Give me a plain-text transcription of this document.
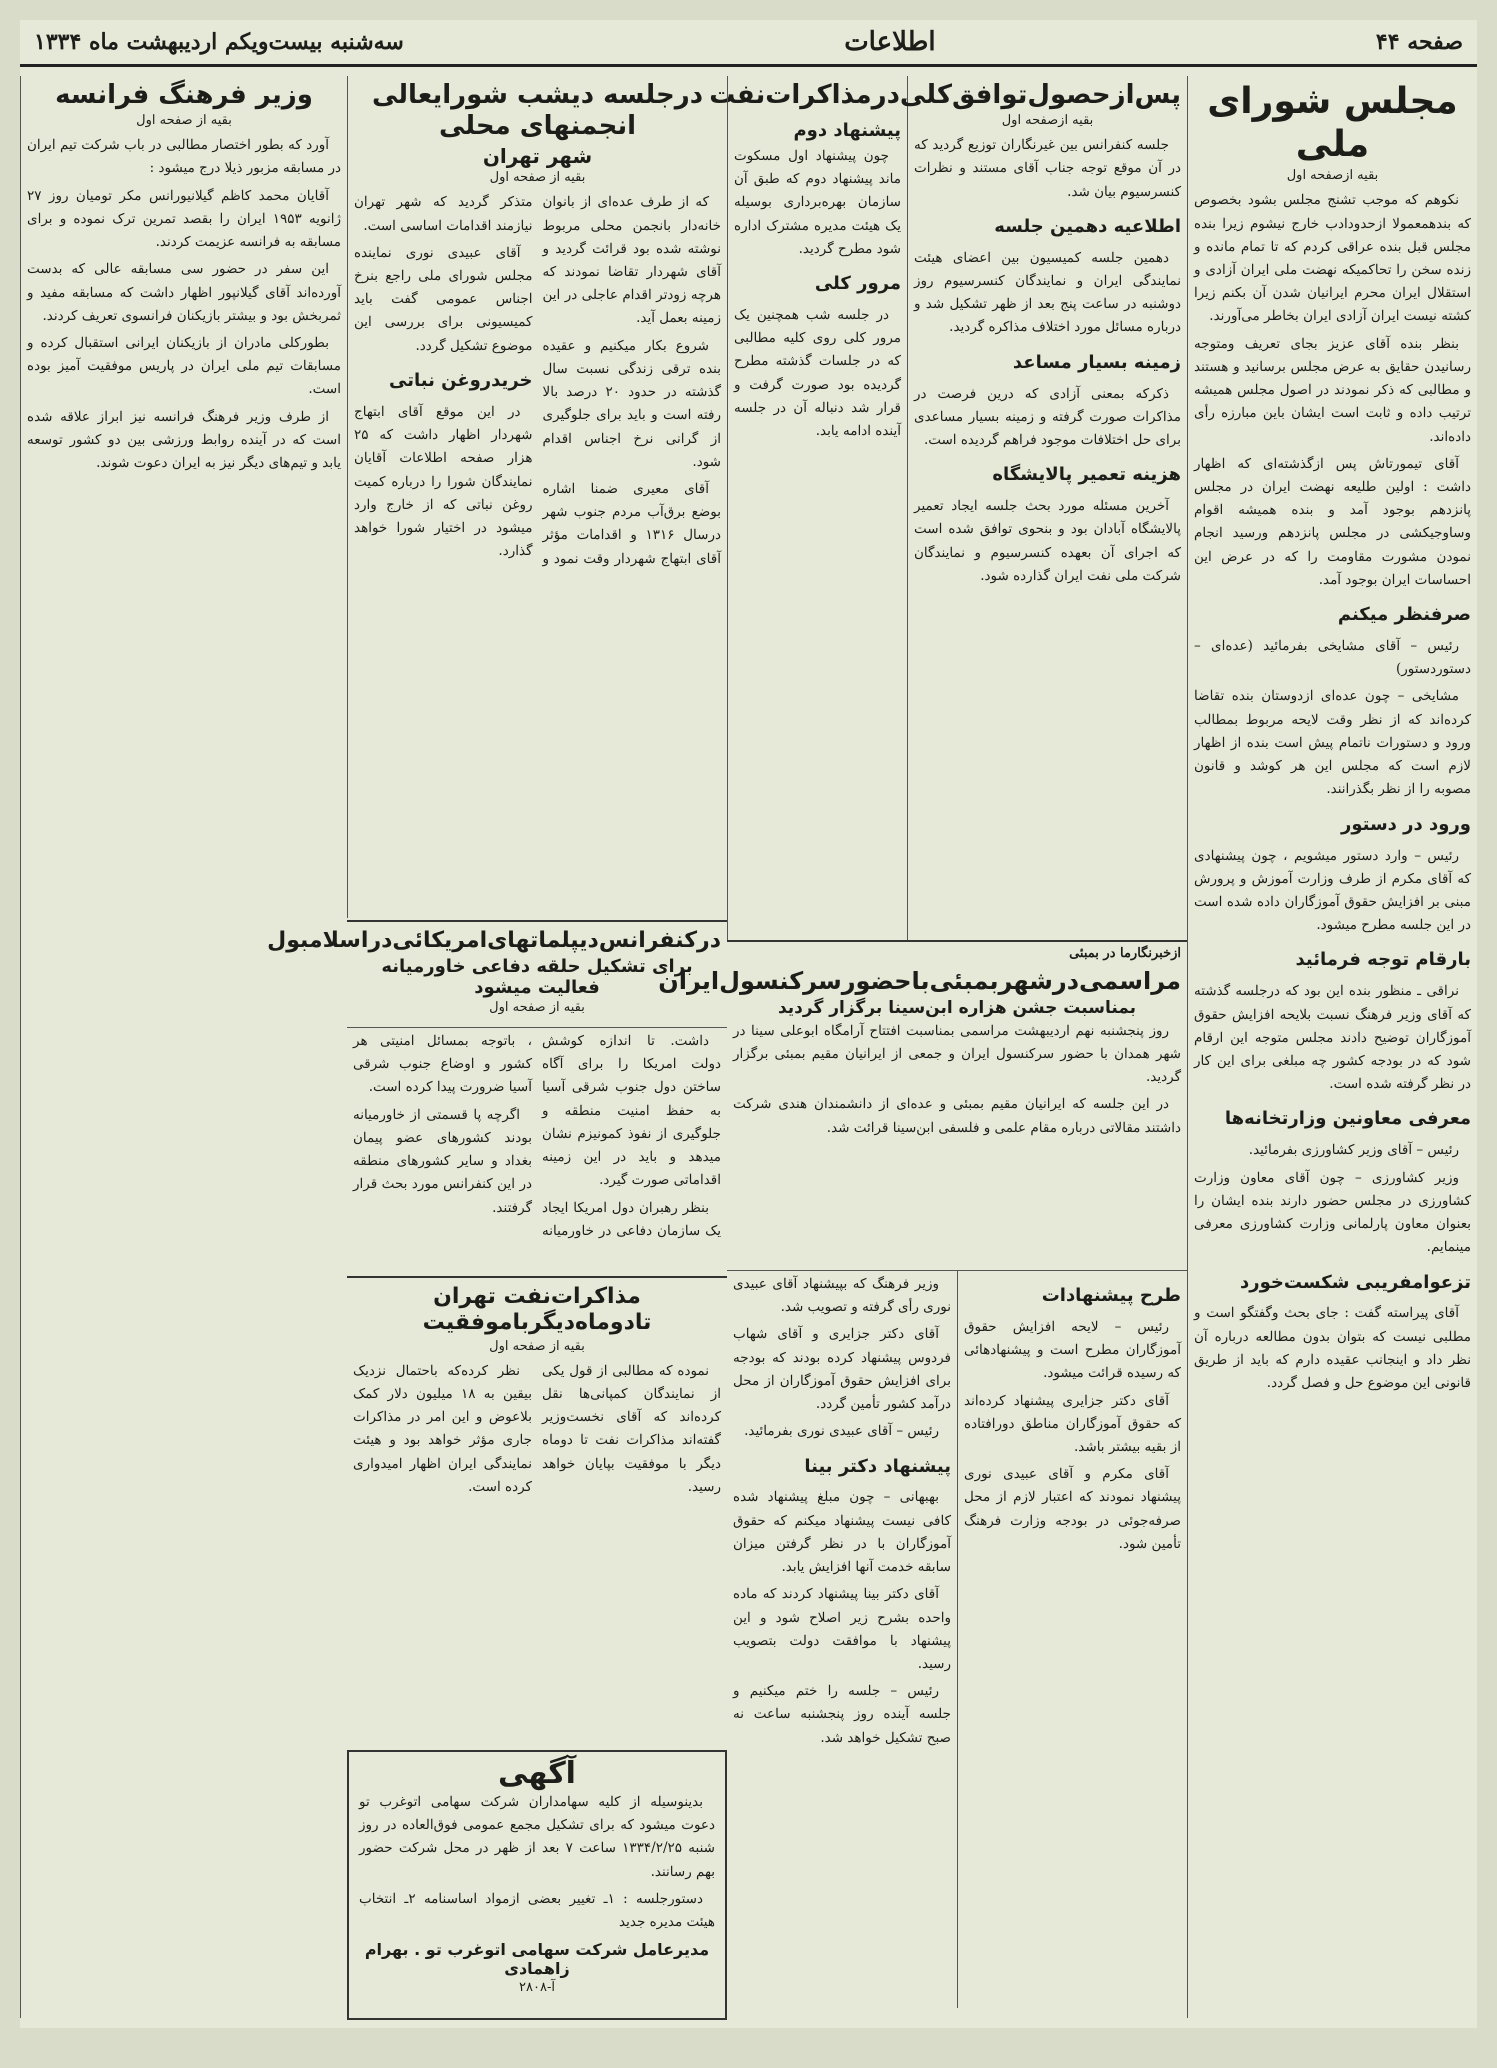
صفحه ۴۴
اطلاعات
سه‌شنبه بیست‌ویکم اردیبهشت ماه ۱۳۳۴
مجلس شورای ملی
بقیه ازصفحه اول

نکوهم که موجب تشنج مجلس بشود بخصوص که بندهمعمولا ازحدودادب خارج نیشوم زیرا بنده مجلس قبل بنده عراقی کردم که تا تمام مانده و زنده سخن را تحاکمیکه نهضت ملی ایران آزادی و استقلال ایران محرم ایرانیان شدن آن بکنم زیرا کشته نیست ایران آزادی ایران بخاطر می‌آورند.

بنظر بنده آقای عزیز بجای تعریف ومتوجه رسانیدن حقایق به عرض مجلس برسانید و هستند و مطالبی که ذکر نمودند در اصول مجلس همیشه ترتیب داده و ثابت است ایشان باین مبارزه رأی داده‌اند.

آقای تیمورتاش پس ازگذشته‌ای که اظهار داشت : اولین طلیعه نهضت ایران در مجلس پانزدهم بوجود آمد و بنده همیشه اقوام وساوجیکشی در مجلس پانزدهم ورسید انجام نمودن مشورت مقاومت را که در عرض این احساسات ایران بوجود آمد.

صرفنظر میکنم

رئیس – آقای مشایخی بفرمائید (عده‌ای – دستوردستور)

مشایخی – چون عده‌ای ازدوستان بنده تقاضا کرده‌اند که از نظر وقت لایحه مربوط بمطالب ورود و دستورات ناتمام پیش است بنده از اظهار لازم است که مجلس این هر کوشد و قانون مصوبه را از نظر بگذرانند.

ورود در دستور

رئیس – وارد دستور میشویم ، چون پیشنهادی که آقای مکرم از طرف وزارت آموزش و پرورش مبنی بر افزایش حقوق آموزگاران داده شده است در این جلسه مطرح میشود.

بارقام توجه فرمائید

نراقی ـ منظور بنده این بود که درجلسه گذشته که آقای وزیر فرهنگ نسبت بلایحه افزایش حقوق آموزگاران توضیح دادند مجلس متوجه این ارقام شود که در بودجه کشور چه مبلغی برای این کار در نظر گرفته شده است.

معرفی معاونین وزارتخانه‌ها

رئیس – آقای وزیر کشاورزی بفرمائید.

وزیر کشاورزی – چون آقای معاون وزارت کشاورزی در مجلس حضور دارند بنده ایشان را بعنوان معاون پارلمانی وزارت کشاورزی معرفی مینمایم.

تزعوامفریبی شکست‌خورد

آقای پیراسته گفت : جای بحث وگفتگو است و مطلبی نیست که بتوان بدون مطالعه درباره آن نظر داد و اینجانب عقیده دارم که باید از طریق قانونی این موضوع حل و فصل گردد.

پس‌ازحصول‌توافق‌کلی‌درمذاکرات‌نفت
بقیه ازصفحه اول

جلسه کنفرانس بین غیرنگاران توزیع گردید که در آن موقع توجه جناب آقای مستند و نظرات کنسرسیوم بیان شد.

اطلاعیه دهمین جلسه

دهمین جلسه کمیسیون بین اعضای هیئت نمایندگی ایران و نمایندگان کنسرسیوم روز دوشنبه در ساعت پنج بعد از ظهر تشکیل شد و درباره مسائل مورد اختلاف مذاکره گردید.

زمینه بسیار مساعد

ذکرکه بمعنی آزادی که درین فرصت در مذاکرات صورت گرفته و زمینه بسیار مساعدی برای حل اختلافات موجود فراهم گردیده است.

هزینه تعمیر پالایشگاه

آخرین مسئله مورد بحث جلسه ایجاد تعمیر پالایشگاه آبادان بود و بنحوی توافق شده است که اجرای آن بعهده کنسرسیوم و نمایندگان شرکت ملی نفت ایران گذارده شود.

پیشنهاد دوم

چون پیشنهاد اول مسکوت ماند پیشنهاد دوم که طبق آن سازمان بهره‌برداری بوسیله یک هیئت مدیره مشترک اداره شود مطرح گردید.

مرور کلی

در جلسه شب همچنین یک مرور کلی روی کلیه مطالبی که در جلسات گذشته مطرح گردیده بود صورت گرفت و قرار شد دنباله آن در جلسه آینده ادامه یابد.

درجلسه دیشب شورایعالی انجمنهای محلی
شهر تهران
بقیه از صفحه اول

که از طرف عده‌ای از بانوان خانه‌دار بانجمن محلی مربوط نوشته شده بود قرائت گردید و آقای شهردار تقاضا نمودند که هرچه زودتر اقدام عاجلی در این زمینه بعمل آید.

شروع بکار میکنیم و عقیده بنده ترقی زندگی نسبت سال گذشته در حدود ۲۰ درصد بالا رفته است و باید برای جلوگیری از گرانی نرخ اجناس اقدام شود.

آقای معیری ضمنا اشاره بوضع برق‌آب مردم جنوب شهر درسال ۱۳۱۶ و اقدامات مؤثر آقای ابتهاج شهردار وقت نمود و متذکر گردید که شهر تهران نیازمند اقدامات اساسی است.

آقای عبیدی نوری نماینده مجلس شورای ملی راجع بنرخ اجناس عمومی گفت باید کمیسیونی برای بررسی این موضوع تشکیل گردد.

خریدروغن نباتی

در این موقع آقای ابتهاج شهردار اظهار داشت که ۲۵ هزار صفحه اطلاعات آقایان نمایندگان شورا را درباره کمیت روغن نباتی که از خارج وارد میشود در اختیار شورا خواهد گذارد.

وزیر فرهنگ فرانسه
بقیه از صفحه اول

آورد که بطور اختصار مطالبی در باب شرکت تیم ایران در مسابقه مزبور ذیلا درج میشود :

آقایان محمد کاظم گیلانیورانس مکر تومیان روز ۲۷ ژانویه ۱۹۵۳ ایران را بقصد تمرین ترک نموده و برای مسابقه به فرانسه عزیمت کردند.

این سفر در حضور سی مسابقه عالی که بدست آورده‌اند آقای گیلانپور اظهار داشت که مسابقه مفید و ثمربخش بود و بیشتر بازیکنان فرانسوی تعریف کردند.

بطورکلی مادران از بازیکنان ایرانی استقبال کرده و مسابقات تیم ملی ایران در پاریس موفقیت آمیز بوده است.

از طرف وزیر فرهنگ فرانسه نیز ابراز علاقه شده است که در آینده روابط ورزشی بین دو کشور توسعه یابد و تیم‌های دیگر نیز به ایران دعوت شوند.

درکنفرانس‌دیپلماتهای‌امریکائی‌دراسلامبول
برای تشکیل حلقه دفاعی خاورمیانه فعالیت میشود
بقیه از صفحه اول

داشت. تا اندازه کوشش دولت امریکا را برای آگاه ساختن دول جنوب شرقی آسیا به حفظ امنیت منطقه و جلوگیری از نفوذ کمونیزم نشان میدهد و باید در این زمینه اقداماتی صورت گیرد.

بنظر رهبران دول امریکا ایجاد یک سازمان دفاعی در خاورمیانه ، باتوجه بمسائل امنیتی هر کشور و اوضاع جنوب شرقی آسیا ضرورت پیدا کرده است.

اگرچه پا قسمتی از خاورمیانه بودند کشورهای عضو پیمان بغداد و سایر کشورهای منطقه در این کنفرانس مورد بحث قرار گرفتند.

مذاکرات‌نفت تهران تادوماه‌دیگربا‌موفقیت
بقیه از صفحه اول

نموده که مطالبی از قول یکی از نمایندگان کمپانی‌ها نقل کرده‌اند که آقای نخست‌وزیر گفته‌اند مذاکرات نفت تا دوماه دیگر با موفقیت بپایان خواهد رسید.

نظر کرده‌که باحتمال نزدیک بیقین به ۱۸ میلیون دلار کمک بلاعوض و این امر در مذاکرات جاری مؤثر خواهد بود و هیئت نمایندگی ایران اظهار امیدواری کرده است.

ازخبرنگارما در بمبئی
مراسمی‌درشهربمبئی‌باحضورسرکنسول‌ایران
بمناسبت جشن هزاره ابن‌سینا برگزار گردید

روز پنجشنبه نهم اردیبهشت مراسمی بمناسبت افتتاح آرامگاه ابوعلی سینا در شهر همدان با حضور سرکنسول ایران و جمعی از ایرانیان مقیم بمبئی برگزار گردید.

در این جلسه که ایرانیان مقیم بمبئی و عده‌ای از دانشمندان هندی شرکت داشتند مقالاتی درباره مقام علمی و فلسفی ابن‌سینا قرائت شد.

طرح پیشنهادات

رئیس – لایحه افزایش حقوق آموزگاران مطرح است و پیشنهادهائی که رسیده قرائت میشود.

آقای دکتر جزایری پیشنهاد کرده‌اند که حقوق آموزگاران مناطق دورافتاده از بقیه بیشتر باشد.

آقای مکرم و آقای عبیدی نوری پیشنهاد نمودند که اعتبار لازم از محل صرفه‌جوئی در بودجه وزارت فرهنگ تأمین شود.

وزیر فرهنگ که بپیشنهاد آقای عبیدی نوری رأی گرفته و تصویب شد.

آقای دکتر جزایری و آقای شهاب فردوس پیشنهاد کرده بودند که بودجه برای افزایش حقوق آموزگاران از محل درآمد کشور تأمین گردد.

رئیس – آقای عبیدی نوری بفرمائید.

پیشنهاد دکتر بینا

بهبهانی – چون مبلغ پیشنهاد شده کافی نیست پیشنهاد میکنم که حقوق آموزگاران با در نظر گرفتن میزان سابقه خدمت آنها افزایش یابد.

آقای دکتر بینا پیشنهاد کردند که ماده واحده بشرح زیر اصلاح شود و این پیشنهاد با موافقت دولت بتصویب رسید.

رئیس – جلسه را ختم میکنیم و جلسه آینده روز پنجشنبه ساعت نه صبح تشکیل خواهد شد.

آگهی

بدینوسیله از کلیه سهامداران شرکت سهامی اتوغرب تو دعوت میشود که برای تشکیل مجمع عمومی فوق‌العاده در روز شنبه ۱۳۳۴/۲/۲۵ ساعت ۷ بعد از ظهر در محل شرکت حضور بهم رسانند.

دستورجلسه : ۱ـ تغییر بعضی ازمواد اساسنامه ۲ـ انتخاب هیئت مدیره جدید

مدیرعامل شرکت سهامی اتوغرب تو . بهرام زاهمادی
آ-۲۸۰۸
